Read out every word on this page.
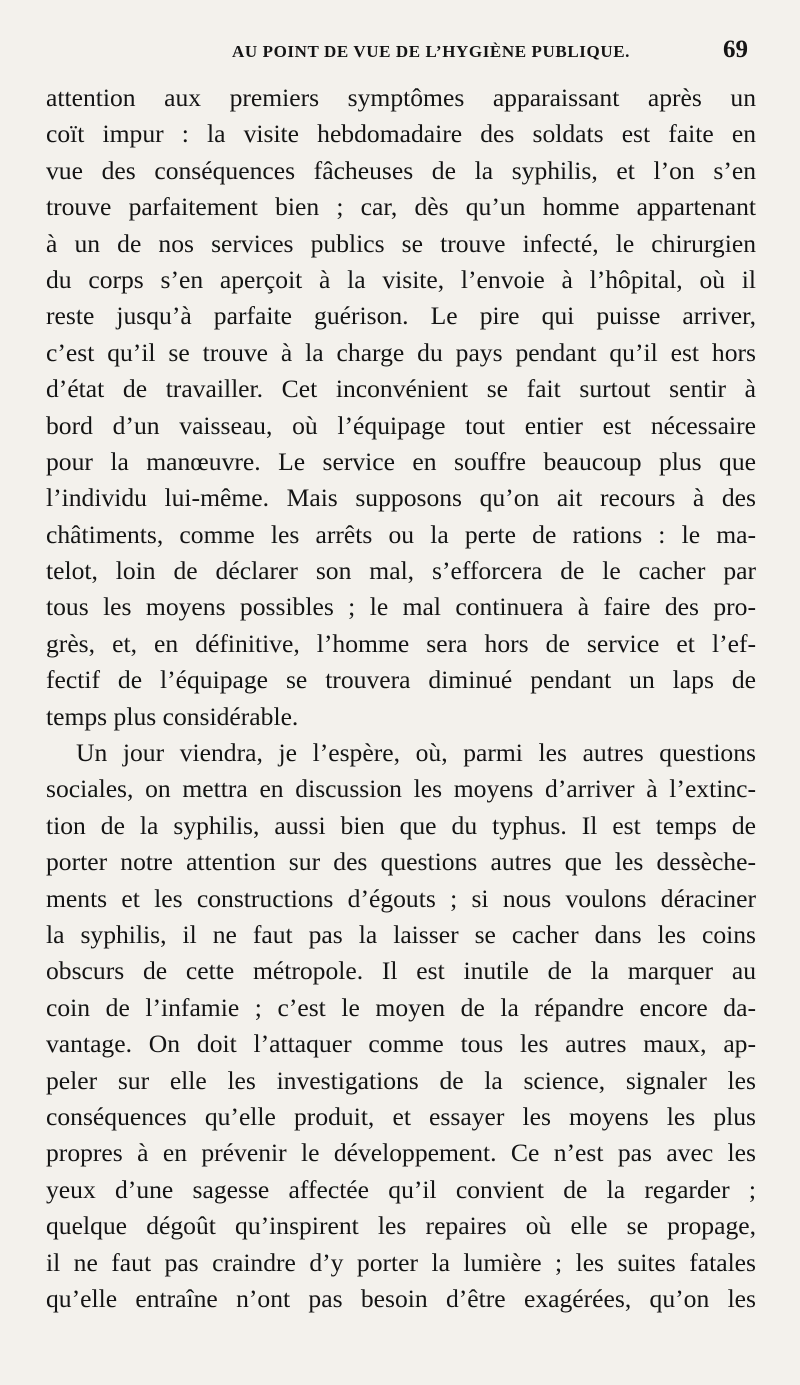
AU POINT DE VUE DE L’HYGIÈNE PUBLIQUE.	69
attention aux premiers symptômes apparaissant après un
coït impur : la visite hebdomadaire des soldats est faite en
vue des conséquences fâcheuses de la syphilis, et l’on s’en
trouve parfaitement bien ; car, dès qu’un homme appartenant
à un de nos services publics se trouve infecté, le chirurgien
du corps s’en aperçoit à la visite, l’envoie à l’hôpital, où il
reste jusqu’à parfaite guérison. Le pire qui puisse arriver,
c’est qu’il se trouve à la charge du pays pendant qu’il est hors
d’état de travailler. Cet inconvénient se fait surtout sentir à
bord d’un vaisseau, où l’équipage tout entier est nécessaire
pour la manœuvre. Le service en souffre beaucoup plus que
l’individu lui-même. Mais supposons qu’on ait recours à des
châtiments, comme les arrêts ou la perte de rations : le ma-
telot, loin de déclarer son mal, s’efforcera de le cacher par
tous les moyens possibles ; le mal continuera à faire des pro-
grès, et, en définitive, l’homme sera hors de service et l’ef-
fectif de l’équipage se trouvera diminué pendant un laps de
temps plus considérable.
Un jour viendra, je l’espère, où, parmi les autres questions
sociales, on mettra en discussion les moyens d’arriver à l’extinc-
tion de la syphilis, aussi bien que du typhus. Il est temps de
porter notre attention sur des questions autres que les dessèche-
ments et les constructions d’égouts ; si nous voulons déraciner
la syphilis, il ne faut pas la laisser se cacher dans les coins
obscurs de cette métropole. Il est inutile de la marquer au
coin de l’infamie ; c’est le moyen de la répandre encore da-
vantage. On doit l’attaquer comme tous les autres maux, ap-
peler sur elle les investigations de la science, signaler les
conséquences qu’elle produit, et essayer les moyens les plus
propres à en prévenir le développement. Ce n’est pas avec les
yeux d’une sagesse affectée qu’il convient de la regarder ;
quelque dégoût qu’inspirent les repaires où elle se propage,
il ne faut pas craindre d’y porter la lumière ; les suites fatales
qu’elle entraîne n’ont pas besoin d’être exagérées, qu’on les
